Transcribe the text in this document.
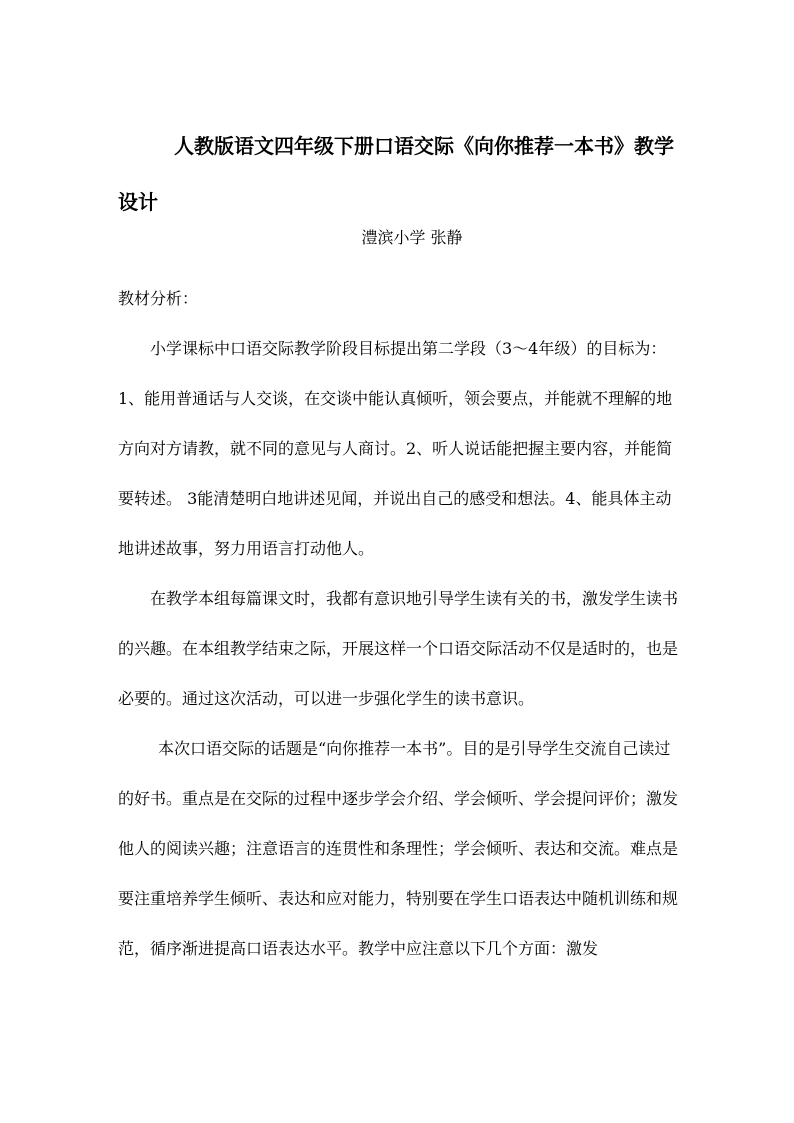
人教版语文四年级下册口语交际《向你推荐一本书》教学设计
澧滨小学 张静

教材分析：

小学课标中口语交际教学阶段目标提出第二学段（3～4年级）的目标为：1、能用普通话与人交谈，在交谈中能认真倾听，领会要点，并能就不理解的地方向对方请教，就不同的意见与人商讨。2、听人说话能把握主要内容，并能简要转述。 3能清楚明白地讲述见闻，并说出自己的感受和想法。4、能具体主动地讲述故事，努力用语言打动他人。

在教学本组每篇课文时，我都有意识地引导学生读有关的书，激发学生读书的兴趣。在本组教学结束之际，开展这样一个口语交际活动不仅是适时的，也是必要的。通过这次活动，可以进一步强化学生的读书意识。

本次口语交际的话题是“向你推荐一本书”。目的是引导学生交流自己读过的好书。重点是在交际的过程中逐步学会介绍、学会倾听、学会提问评价；激发他人的阅读兴趣；注意语言的连贯性和条理性；学会倾听、表达和交流。难点是要注重培养学生倾听、表达和应对能力，特别要在学生口语表达中随机训练和规范，循序渐进提高口语表达水平。教学中应注意以下几个方面：激发
